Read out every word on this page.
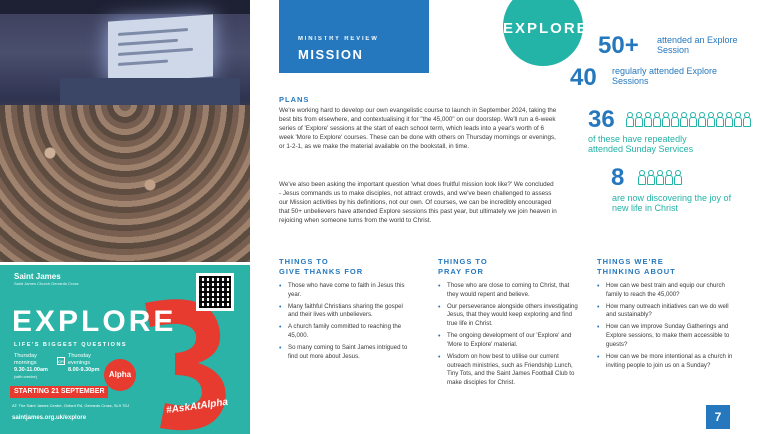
Saint James
Saint James Church Gerrards Cross
EXPLORE
LIFE'S BIGGEST QUESTIONS
Thursday
mornings
9.30-11.00am
(with creche)
OR
Thursday
evenings
8.00-9.30pm
Alpha
STARTING 21 SEPTEMBER
AT: The Saint James Centre, Oxford Rd, Gerrards Cross, SL9 7DJ
saintjames.org.uk/explore
#AskAtAlpha
MINISTRY REVIEW
MISSION
PLANS

We're working hard to develop our own evangelistic course to launch in September 2024, taking the best bits from elsewhere, and contextualising it for "the 45,000" on our doorstep. We'll run a 6-week series of 'Explore' sessions at the start of each school term, which leads into a year's worth of 6 week 'More to Explore' courses. These can be done with others on Thursday mornings or evenings, or 1-2-1, as we make the material available on the bookstall, in time.

We've also been asking the important question 'what does fruitful mission look like?' We concluded - Jesus commands us to make disciples, not attract crowds, and we've been challenged to assess our Mission activities by his definitions, not our own. Of courses, we can be incredibly encouraged that 50+ unbelievers have attended Explore sessions this past year, but ultimately we join heaven in rejoicing when someone turns from the world to Christ.

EXPLORE
50+ attended an Explore Session
40 regularly attended Explore Sessions
36
of these have repeatedly attended Sunday Services
8
are now discovering the joy of new life in Christ
THINGS TO
GIVE THANKS FOR
THINGS TO
PRAY FOR
THINGS WE'RE
THINKING ABOUT
• Those who have come to faith in Jesus this year.
• Many faithful Christians sharing the gospel and their lives with unbelievers.
• A church family committed to reaching the 45,000.
• So many coming to Saint James intrigued to find out more about Jesus.
• Those who are close to coming to Christ, that they would repent and believe.
• Our perseverance alongside others investigating Jesus, that they would keep exploring and find true life in Christ.
• The ongoing development of our 'Explore' and 'More to Explore' material.
• Wisdom on how best to utilise our current outreach ministries, such as Friendship Lunch, Tiny Tots, and the Saint James Football Club to make disciples for Christ.
• How can we best train and equip our church family to reach the 45,000?
• How many outreach initiatives can we do well and sustainably?
• How can we improve Sunday Gatherings and Explore sessions, to make them accessible to guests?
• How can we be more intentional as a church in inviting people to join us on a Sunday?
7
